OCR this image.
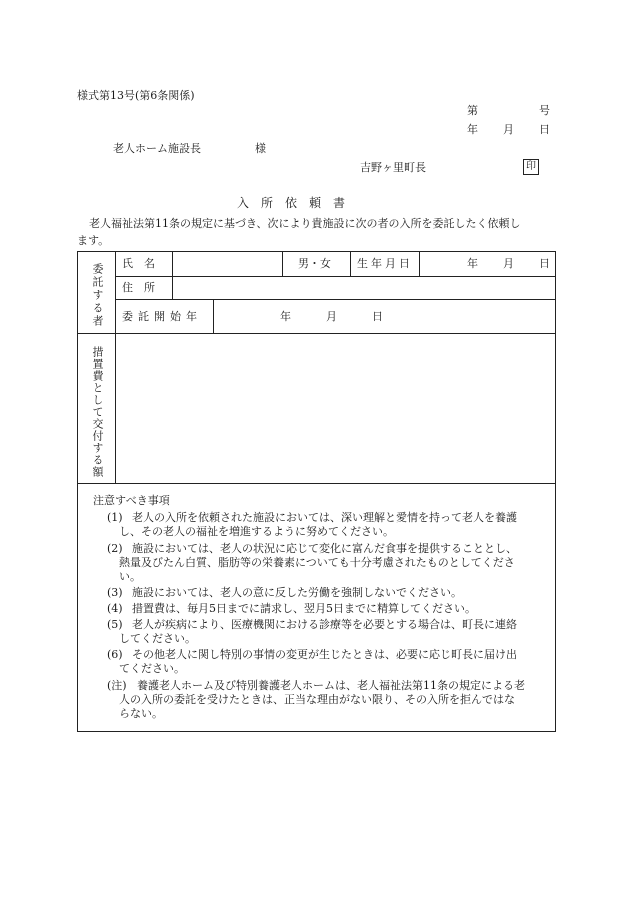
様式第13号(第6条関係)
第	号
年 月 日
老人ホーム施設長	様
吉野ヶ里町長	印
入　所　依　頼　書
老人福祉法第11条の規定に基づき、次により貴施設に次の者の入所を委託したく依頼し
ます。
委託する者 氏　名	男・女 生年月日	年 月 日
住　所
委託開始年	年	月	日
措置費として交付する額
注意すべき事項
(1) 老人の入所を依頼された施設においては、深い理解と愛情を持って老人を養護
し、その老人の福祉を増進するように努めてください。
(2) 施設においては、老人の状況に応じて変化に富んだ食事を提供することとし、
熱量及びたん白質、脂肪等の栄養素についても十分考慮されたものとしてくださ
い。
(3) 施設においては、老人の意に反した労働を強制しないでください。
(4) 措置費は、毎月5日までに請求し、翌月5日までに精算してください。
(5) 老人が疾病により、医療機関における診療等を必要とする場合は、町長に連絡
してください。
(6) その他老人に関し特別の事情の変更が生じたときは、必要に応じ町長に届け出
てください。
(注) 養護老人ホーム及び特別養護老人ホームは、老人福祉法第11条の規定による老
人の入所の委託を受けたときは、正当な理由がない限り、その入所を拒んではな
らない。
